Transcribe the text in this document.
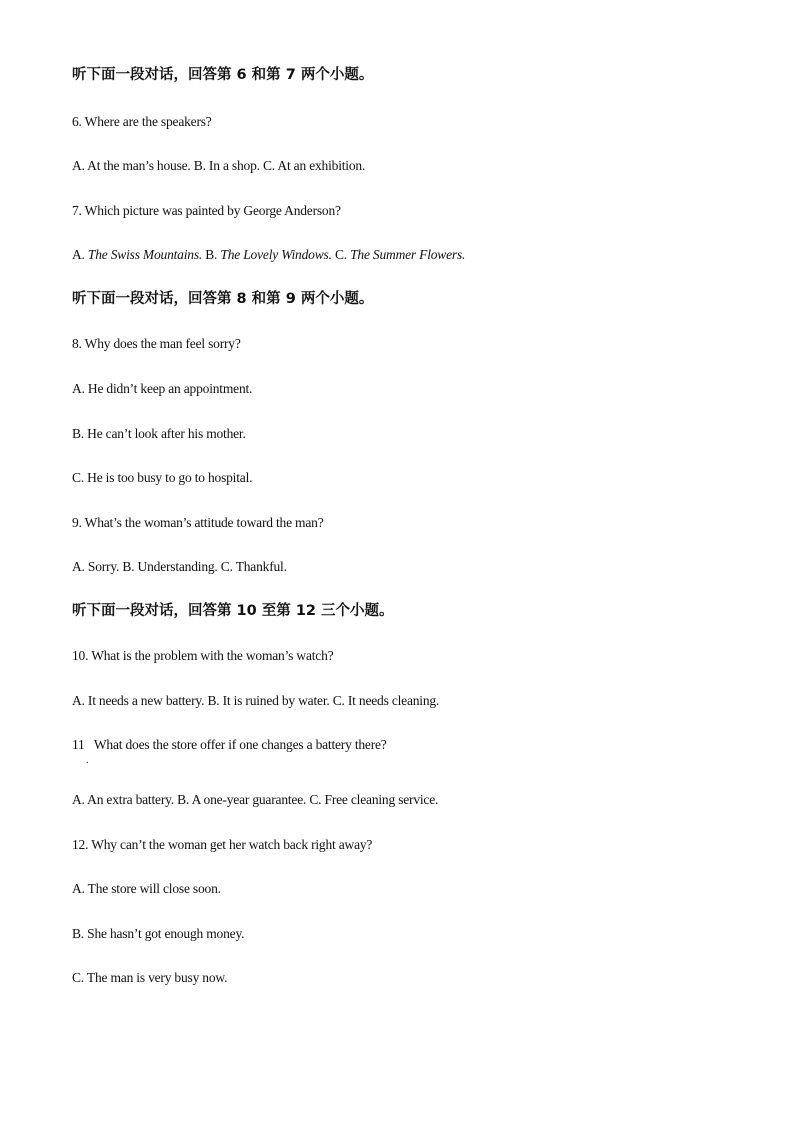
听下面一段对话，回答第 6 和第 7 两个小题。
6. Where are the speakers?
A. At the man’s house. B. In a shop. C. At an exhibition.
7. Which picture was painted by George Anderson?
A. The Swiss Mountains. B. The Lovely Windows. C. The Summer Flowers.
听下面一段对话，回答第 8 和第 9 两个小题。
8. Why does the man feel sorry?
A. He didn’t keep an appointment.
B. He can’t look after his mother.
C. He is too busy to go to hospital.
9. What’s the woman’s attitude toward the man?
A. Sorry. B. Understanding. C. Thankful.
听下面一段对话，回答第 10 至第 12 三个小题。
10. What is the problem with the woman’s watch?
A. It needs a new battery. B. It is ruined by water. C. It needs cleaning.
11   What does the store offer if one changes a battery there?
.
A. An extra battery. B. A one-year guarantee. C. Free cleaning service.
12. Why can’t the woman get her watch back right away?
A. The store will close soon.
B. She hasn’t got enough money.
C. The man is very busy now.
